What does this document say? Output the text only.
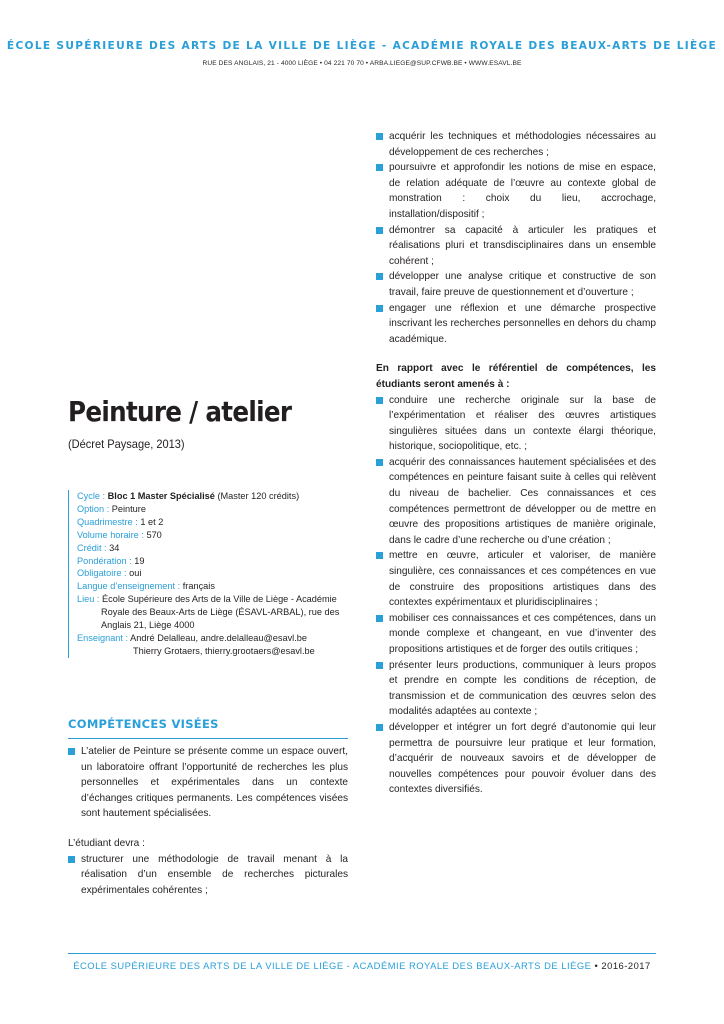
ÉCOLE SUPÉRIEURE DES ARTS DE LA VILLE DE LIÈGE - ACADÉMIE ROYALE DES BEAUX-ARTS DE LIÈGE
RUE DES ANGLAIS, 21 - 4000 LIÈGE • 04 221 70 70 • ARBA.LIEGE@SUP.CFWB.BE • WWW.ESAVL.BE
acquérir les techniques et méthodologies nécessaires au développement de ces recherches ;
poursuivre et approfondir les notions de mise en espace, de relation adéquate de l’œuvre au contexte global de monstration : choix du lieu, accrochage, installation/dispositif ;
démontrer sa capacité à articuler les pratiques et réalisations pluri et transdisciplinaires dans un ensemble cohérent ;
développer une analyse critique et constructive de son travail, faire preuve de questionnement et d’ouverture ;
engager une réflexion et une démarche prospective inscrivant les recherches personnelles en dehors du champ académique.

En rapport avec le référentiel de compétences, les étudiants seront amenés à :

conduire une recherche originale sur la base de l’expérimentation et réaliser des œuvres artistiques singulières situées dans un contexte élargi théorique, historique, sociopolitique, etc. ;
acquérir des connaissances hautement spécialisées et des compétences en peinture faisant suite à celles qui relèvent du niveau de bachelier. Ces connaissances et ces compétences permettront de développer ou de mettre en œuvre des propositions artistiques de manière originale, dans le cadre d’une recherche ou d’une création ;
mettre en œuvre, articuler et valoriser, de manière singulière, ces connaissances et ces compétences en vue de construire des propositions artistiques dans des contextes expérimentaux et pluridisciplinaires ;
mobiliser ces connaissances et ces compétences, dans un monde complexe et changeant, en vue d’inventer des propositions artistiques et de forger des outils critiques ;
présenter leurs productions, communiquer à leurs propos et prendre en compte les conditions de réception, de transmission et de communication des œuvres selon des modalités adaptées au contexte ;
développer et intégrer un fort degré d’autonomie qui leur permettra de poursuivre leur pratique et leur formation, d’acquérir de nouveaux savoirs et de développer de nouvelles compétences pour pouvoir évoluer dans des contextes diversifiés.
Peinture / atelier
(Décret Paysage, 2013)

Cycle : Bloc 1 Master Spécialisé (Master 120 crédits)

Option : Peinture

Quadrimestre : 1 et 2

Volume horaire : 570

Crédit : 34

Pondération : 19

Obligatoire : oui

Langue d’enseignement : français

Lieu : École Supérieure des Arts de la Ville de Liège - Académie

Royale des Beaux-Arts de Liège (ÉSAVL-ARBAL), rue des

Anglais 21, Liège 4000

Enseignant : André Delalleau, andre.delalleau@esavl.be

Thierry Grotaers, thierry.grootaers@esavl.be

COMPÉTENCES VISÉES
L’atelier de Peinture se présente comme un espace ouvert, un laboratoire offrant l’opportunité de recherches les plus personnelles et expérimentales dans un contexte d’échanges critiques permanents. Les compétences visées sont hautement spécialisées.

L’étudiant devra :

structurer une méthodologie de travail menant à la réalisation d’un ensemble de recherches picturales expérimentales cohérentes ;
ÉCOLE SUPÉRIEURE DES ARTS DE LA VILLE DE LIÈGE - ACADÉMIE ROYALE DES BEAUX-ARTS DE LIÈGE • 2016-2017
